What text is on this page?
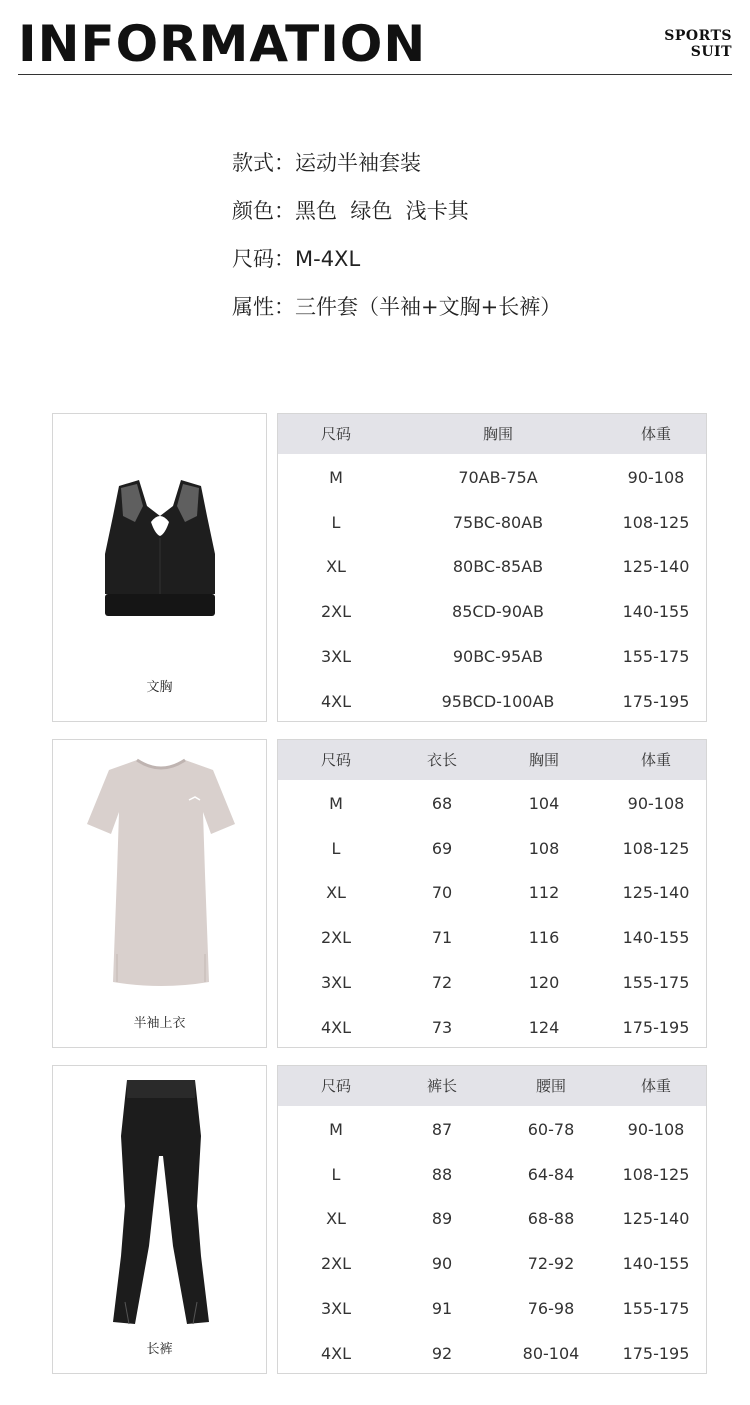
INFORMATION	SPORTS
SUIT
款式：运动半袖套装
颜色：黑色  绿色  浅卡其
尺码：M-4XL
属性：三件套（半袖+文胸+长裤）
文胸
尺码	胸围	体重
M	70AB-75A	90-108
L	75BC-80AB	108-125
XL	80BC-85AB	125-140
2XL	85CD-90AB	140-155
3XL	90BC-95AB	155-175
4XL	95BCD-100AB	175-195
半袖上衣
尺码	衣长	胸围	体重
M	68	104	90-108
L	69	108	108-125
XL	70	112	125-140
2XL	71	116	140-155
3XL	72	120	155-175
4XL	73	124	175-195
长裤
尺码	裤长	腰围	体重
M	87	60-78	90-108
L	88	64-84	108-125
XL	89	68-88	125-140
2XL	90	72-92	140-155
3XL	91	76-98	155-175
4XL	92	80-104	175-195
